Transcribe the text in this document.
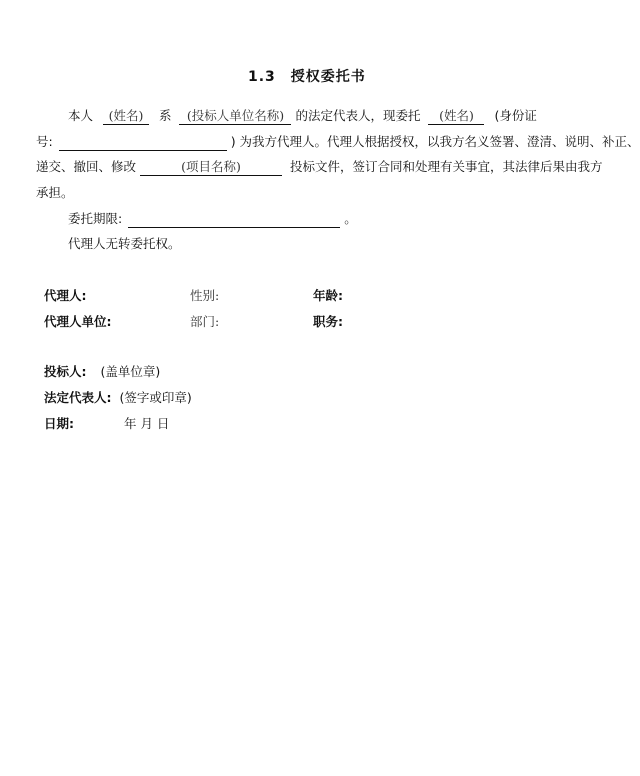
1.3　授权委托书
本人 (姓名) 系 (投标人单位名称) 的法定代表人，现委托 (姓名) (身份证
号:	) 为我方代理人。代理人根据授权，以我方名义签署、澄清、说明、补正、
递交、撤回、修改	(项目名称)	投标文件，签订合同和处理有关事宜，其法律后果由我方
承担。
委托期限:	。
代理人无转委托权。
代理人:	性别:	年龄:
代理人单位:	部门:	职务:
投标人: (盖单位章)
法定代表人: (签字或印章)
日期:	年 月 日
